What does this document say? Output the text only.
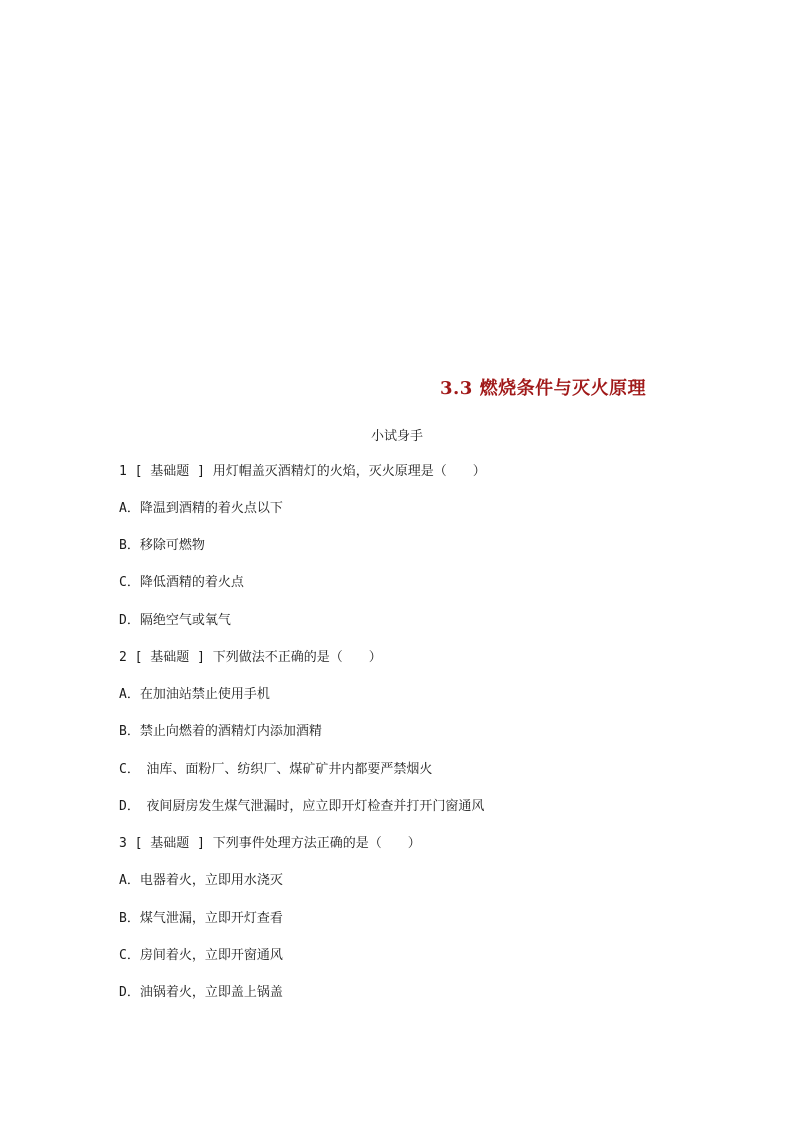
3.3 燃烧条件与灭火原理
小试身手
1 [ 基础题 ] 用灯帽盖灭酒精灯的火焰，灭火原理是（　　）
A．降温到酒精的着火点以下
B．移除可燃物
C．降低酒精的着火点
D．隔绝空气或氧气
2 [ 基础题 ] 下列做法不正确的是（　　）
A．在加油站禁止使用手机
B．禁止向燃着的酒精灯内添加酒精
C．　油库、面粉厂、纺织厂、煤矿矿井内都要严禁烟火
D．　夜间厨房发生煤气泄漏时，应立即开灯检查并打开门窗通风
3 [ 基础题 ] 下列事件处理方法正确的是（　　）
A．电器着火，立即用水浇灭
B．煤气泄漏，立即开灯查看
C．房间着火，立即开窗通风
D．油锅着火，立即盖上锅盖
